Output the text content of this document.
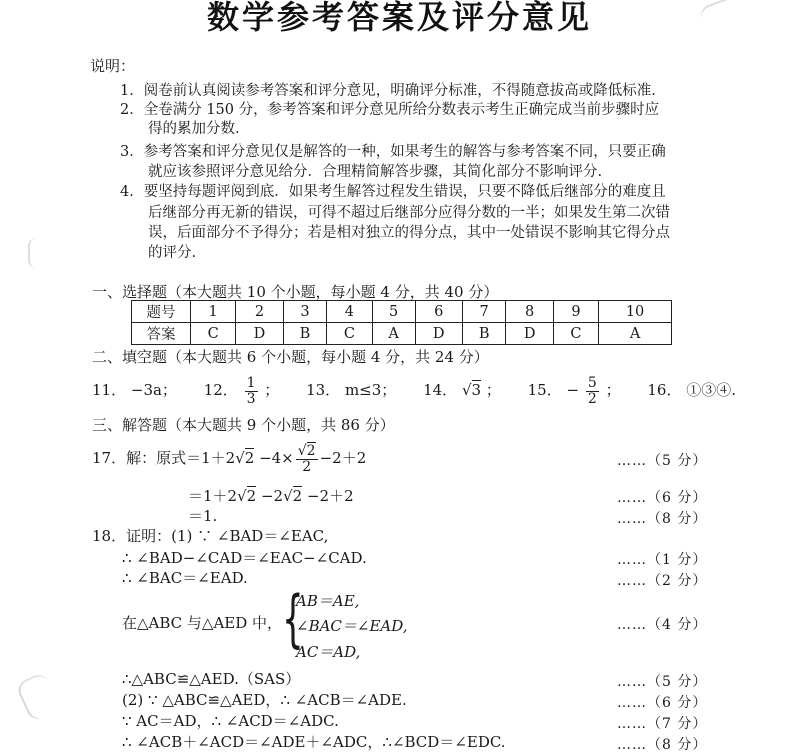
数学参考答案及评分意见
说明：
1．阅卷前认真阅读参考答案和评分意见，明确评分标准，不得随意拔高或降低标准.
2．全卷满分 150 分，参考答案和评分意见所给分数表示考生正确完成当前步骤时应
得的累加分数.
3．参考答案和评分意见仅是解答的一种，如果考生的解答与参考答案不同，只要正确
就应该参照评分意见给分．合理精简解答步骤，其简化部分不影响评分.
4．要坚持每题评阅到底．如果考生解答过程发生错误，只要不降低后继部分的难度且
后继部分再无新的错误，可得不超过后继部分应得分数的一半；如果发生第二次错
误，后面部分不予得分；若是相对独立的得分点，其中一处错误不影响其它得分点
的评分.
一、选择题（本大题共 10 个小题，每小题 4 分，共 40 分）
题号	1	2	3	4	5	6	7	8	9	10
答案	C	D	B	C	A	D	B	D	C	A
二、填空题（本大题共 6 个小题，每小题 4 分，共 24 分）
11． −3a； 12． $\frac{1}{3}$ ； 13． m≤3； 14． √3 ； 15． − $\frac{5}{2}$ ； 16． ①③④.
三、解答题（本大题共 9 个小题，共 86 分）
17．解：原式$=1+2√2 -4\times \frac{√2}{2} -2+2$	……（5 分）
＝1＋2√2 −2√2 −2＋2	……（6 分）
＝1.	……（8 分）
18．证明：(1) ∵ ∠BAD＝∠EAC,
∴ ∠BAD−∠CAD＝∠EAC−∠CAD.	……（1 分）
∴ ∠BAC＝∠EAD.	……（2 分）
在△ABC 与△AED 中， {
AB＝AE,
∠BAC＝∠EAD,
AC＝AD,
……（4 分）
∴△ABC≌△AED.（SAS）	……（5 分）
(2) ∵ △ABC≌△AED，∴ ∠ACB＝∠ADE.	……（6 分）
∵ AC＝AD，∴ ∠ACD＝∠ADC.	……（7 分）
∴ ∠ACB＋∠ACD＝∠ADE＋∠ADC，∴∠BCD＝∠EDC.	……（8 分）
